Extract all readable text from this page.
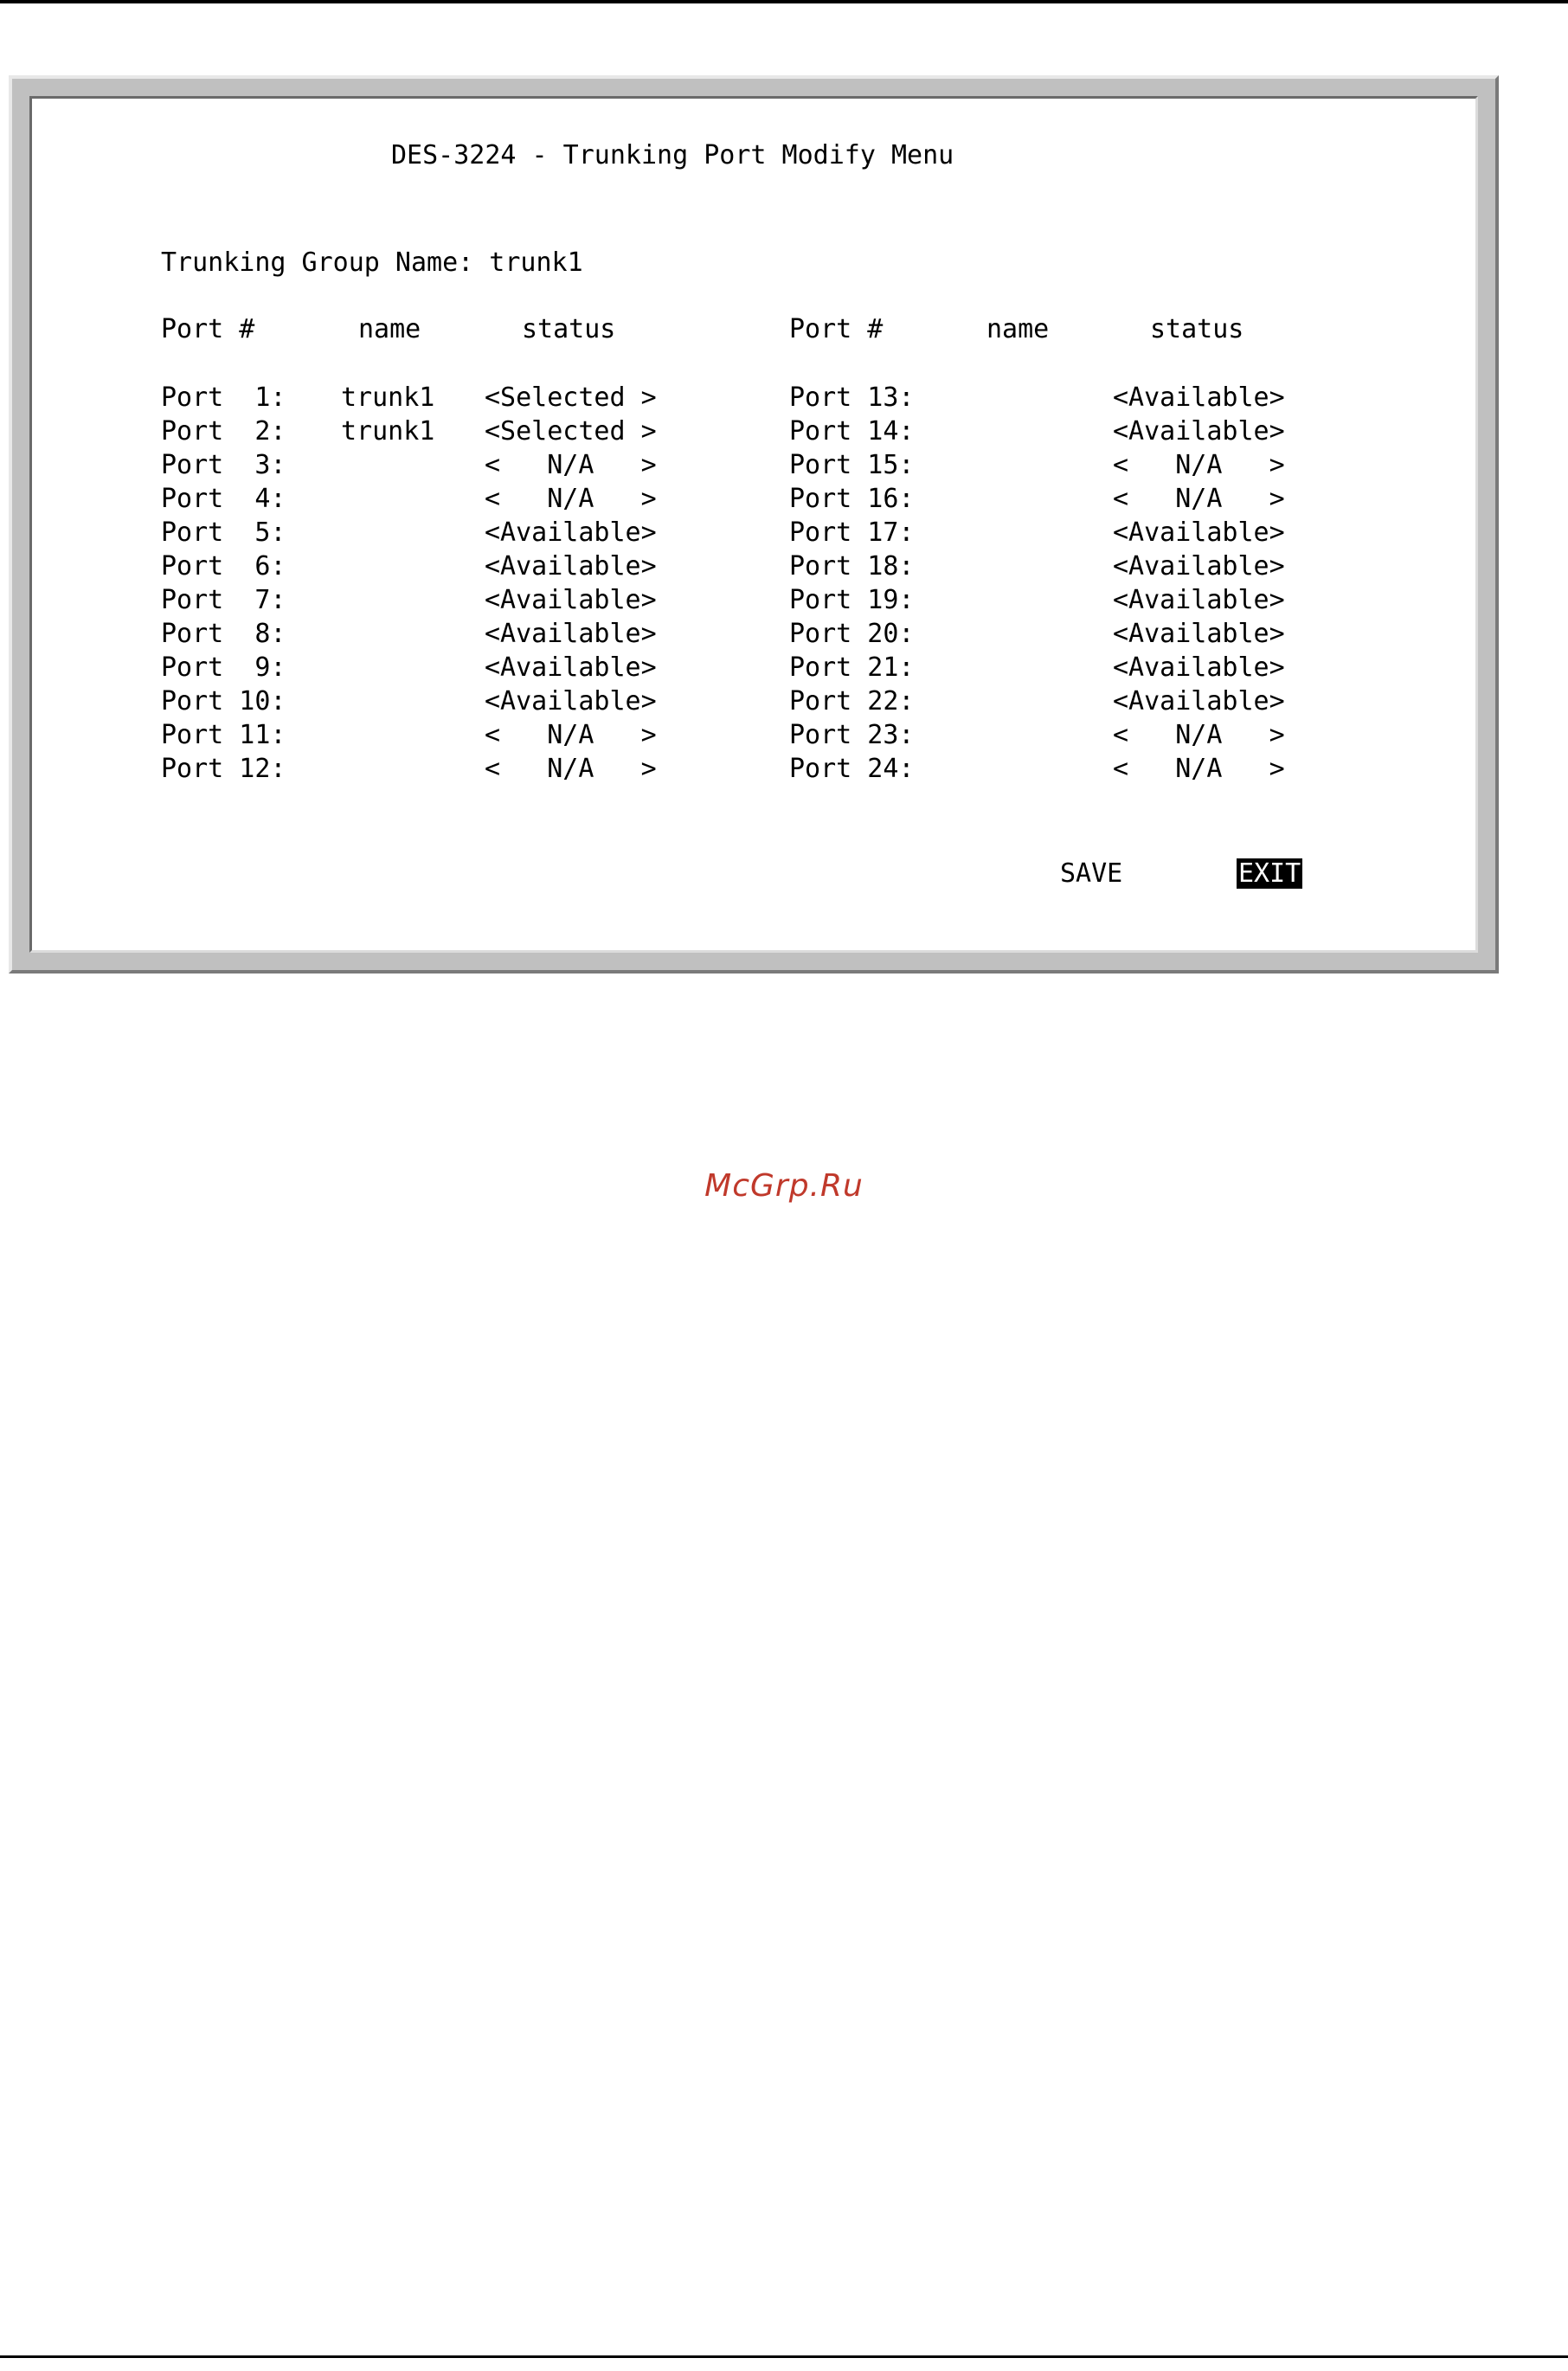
DES-3224 - Trunking Port Modify Menu
Trunking Group Name: trunk1
Port #	name	status	Port #	name	status
Port  1: trunk1 <Selected >
Port  2: trunk1 <Selected >
Port  3:	<   N/A   >
Port  4:	<   N/A   >
Port  5:	<Available>
Port  6:	<Available>
Port  7:	<Available>
Port  8:	<Available>
Port  9:	<Available>
Port 10:	<Available>
Port 11:	<   N/A   >
Port 12:	<   N/A   >
Port 13:	<Available>
Port 14:	<Available>
Port 15:	<   N/A   >
Port 16:	<   N/A   >
Port 17:	<Available>
Port 18:	<Available>
Port 19:	<Available>
Port 20:	<Available>
Port 21:	<Available>
Port 22:	<Available>
Port 23:	<   N/A   >
Port 24:	<   N/A   >
SAVE	EXIT
McGrp.Ru
